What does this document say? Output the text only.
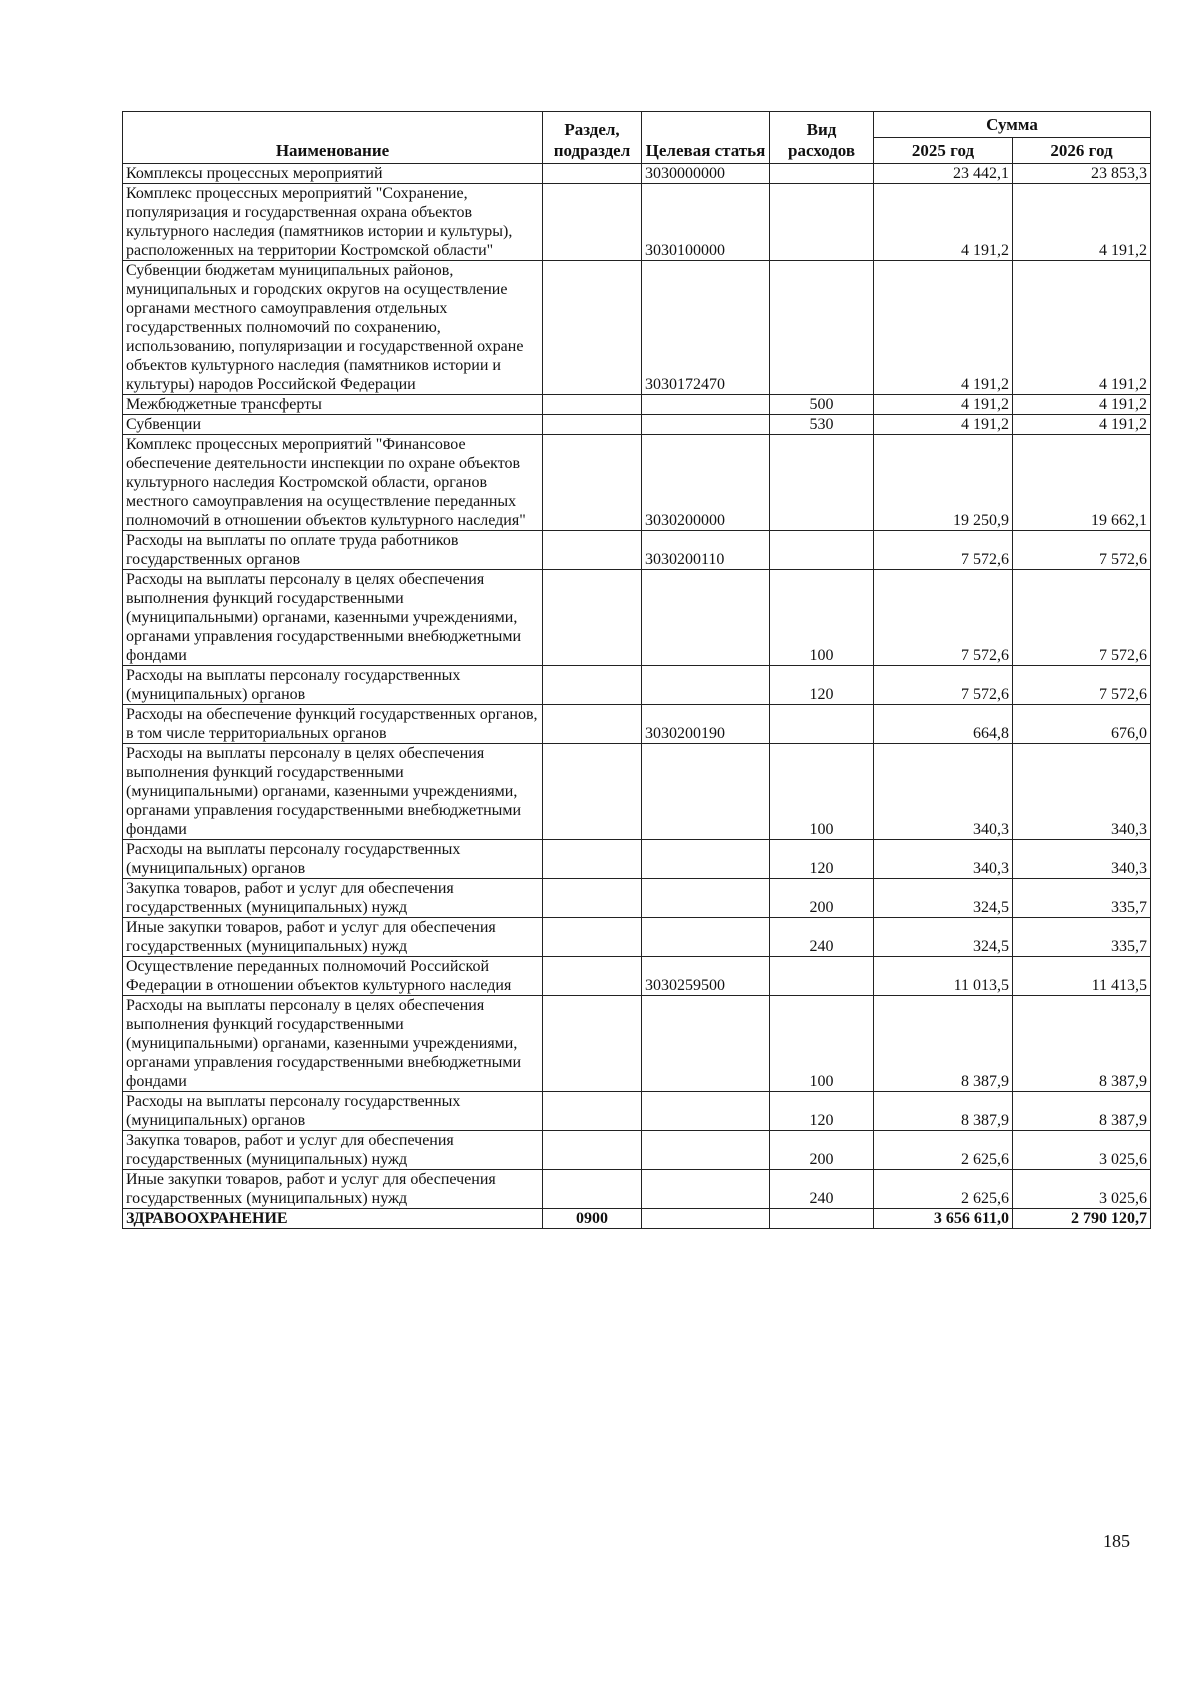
Наименование	Раздел, подраздел	Целевая статья	Вид расходов	Сумма	
				2025 год	2026 год
Комплексы процессных мероприятий		3030000000		23 442,1	23 853,3
Комплекс процессных мероприятий "Сохранение, популяризация и государственная охрана объектов культурного наследия (памятников истории и культуры), расположенных на территории Костромской области"		3030100000		4 191,2	4 191,2
Субвенции бюджетам муниципальных районов, муниципальных и городских округов на осуществление органами местного самоуправления отдельных государственных полномочий по сохранению, использованию, популяризации и государственной охране объектов культурного наследия (памятников истории и культуры) народов Российской Федерации		3030172470		4 191,2	4 191,2
Межбюджетные трансферты			500	4 191,2	4 191,2
Субвенции			530	4 191,2	4 191,2
Комплекс процессных мероприятий "Финансовое обеспечение деятельности инспекции по охране объектов культурного наследия Костромской области, органов местного самоуправления на осуществление переданных полномочий в отношении объектов культурного наследия"		3030200000		19 250,9	19 662,1
Расходы на выплаты по оплате труда работников государственных органов		3030200110		7 572,6	7 572,6
Расходы на выплаты персоналу в целях обеспечения выполнения функций государственными (муниципальными) органами, казенными учреждениями, органами управления государственными внебюджетными фондами			100	7 572,6	7 572,6
Расходы на выплаты персоналу государственных (муниципальных) органов			120	7 572,6	7 572,6
Расходы на обеспечение функций государственных органов, в том числе территориальных органов		3030200190		664,8	676,0
Расходы на выплаты персоналу в целях обеспечения выполнения функций государственными (муниципальными) органами, казенными учреждениями, органами управления государственными внебюджетными фондами			100	340,3	340,3
Расходы на выплаты персоналу государственных (муниципальных) органов			120	340,3	340,3
Закупка товаров, работ и услуг для обеспечения государственных (муниципальных) нужд			200	324,5	335,7
Иные закупки товаров, работ и услуг для обеспечения государственных (муниципальных) нужд			240	324,5	335,7
Осуществление переданных полномочий Российской Федерации в отношении объектов культурного наследия		3030259500		11 013,5	11 413,5
Расходы на выплаты персоналу в целях обеспечения выполнения функций государственными (муниципальными) органами, казенными учреждениями, органами управления государственными внебюджетными фондами			100	8 387,9	8 387,9
Расходы на выплаты персоналу государственных (муниципальных) органов			120	8 387,9	8 387,9
Закупка товаров, работ и услуг для обеспечения государственных (муниципальных) нужд			200	2 625,6	3 025,6
Иные закупки товаров, работ и услуг для обеспечения государственных (муниципальных) нужд			240	2 625,6	3 025,6
ЗДРАВООХРАНЕНИЕ	0900			3 656 611,0	2 790 120,7
185
